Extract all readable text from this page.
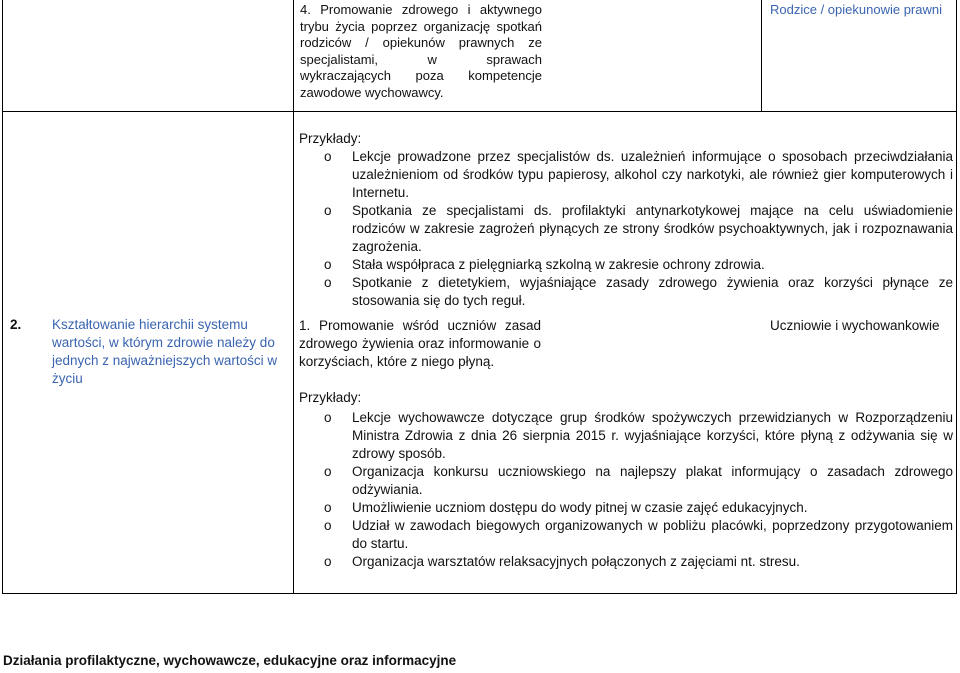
4. Promowanie zdrowego i aktywnego trybu życia poprzez organizację spotkań rodziców / opiekunów prawnych ze specjalistami, w sprawach wykraczających poza kompetencje zawodowe wychowawcy.
Rodzice / opiekunowie prawni
2. Kształtowanie hierarchii systemu wartości, w którym zdrowie należy do jednych z najważniejszych wartości w życiu
Przykłady:
o Lekcje prowadzone przez specjalistów ds. uzależnień informujące o sposobach przeciwdziałania uzależnieniom od środków typu papierosy, alkohol czy narkotyki, ale również gier komputerowych i Internetu.
o Spotkania ze specjalistami ds. profilaktyki antynarkotykowej mające na celu uświadomienie rodziców w zakresie zagrożeń płynących ze strony środków psychoaktywnych, jak i rozpoznawania zagrożenia.
o Stała współpraca z pielęgniarką szkolną w zakresie ochrony zdrowia.
o Spotkanie z dietetykiem, wyjaśniające zasady zdrowego żywienia oraz korzyści płynące ze stosowania się do tych reguł.
1. Promowanie wśród uczniów zasad zdrowego żywienia oraz informowanie o korzyściach, które z niego płyną.
Uczniowie i wychowankowie
Przykłady:
o Lekcje wychowawcze dotyczące grup środków spożywczych przewidzianych w Rozporządzeniu Ministra Zdrowia z dnia 26 sierpnia 2015 r. wyjaśniające korzyści, które płyną z odżywania się w zdrowy sposób.
o Organizacja konkursu uczniowskiego na najlepszy plakat informujący o zasadach zdrowego odżywiania.
o Umożliwienie uczniom dostępu do wody pitnej w czasie zajęć edukacyjnych.
o Udział w zawodach biegowych organizowanych w pobliżu placówki, poprzedzony przygotowaniem do startu.
o Organizacja warsztatów relaksacyjnych połączonych z zajęciami nt. stresu.
Działania profilaktyczne, wychowawcze, edukacyjne oraz informacyjne
